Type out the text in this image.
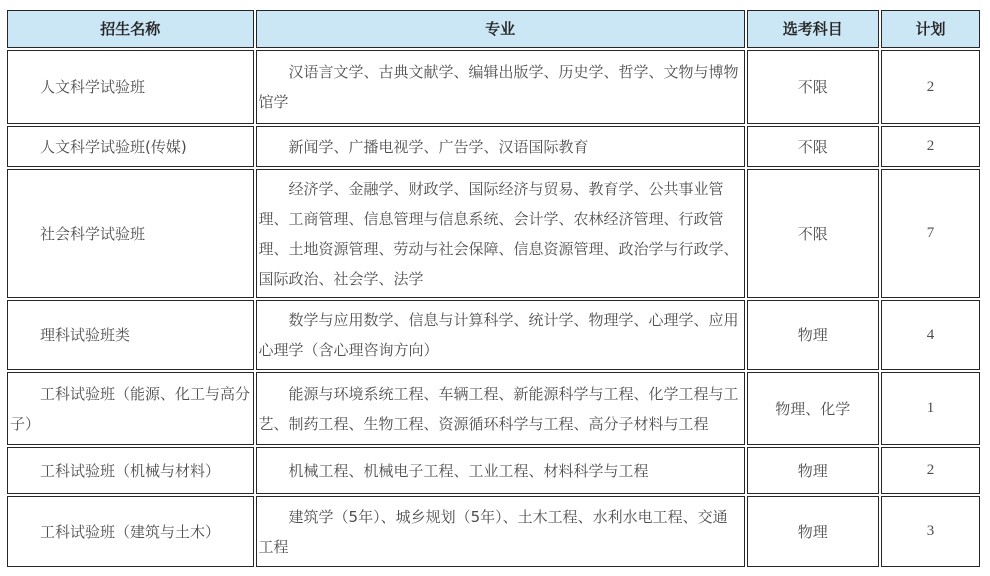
招生名称	专业	选考科目	计划

人文科学试验班	汉语言文学、古典文献学、编辑出版学、历史学、哲学、文物与博物馆学	不限	2

人文科学试验班(传媒)	新闻学、广播电视学、广告学、汉语国际教育	不限	2

社会科学试验班	经济学、金融学、财政学、国际经济与贸易、教育学、公共事业管理、工商管理、信息管理与信息系统、会计学、农林经济管理、行政管理、土地资源管理、劳动与社会保障、信息资源管理、政治学与行政学、国际政治、社会学、法学	不限	7

理科试验班类	数学与应用数学、信息与计算科学、统计学、物理学、心理学、应用心理学（含心理咨询方向）	物理	4

工科试验班（能源、化工与高分子）	能源与环境系统工程、车辆工程、新能源科学与工程、化学工程与工艺、制药工程、生物工程、资源循环科学与工程、高分子材料与工程	物理、化学	1

工科试验班（机械与材料）	机械工程、机械电子工程、工业工程、材料科学与工程	物理	2

工科试验班（建筑与土木）	建筑学（5年）、城乡规划（5年）、土木工程、水利水电工程、交通工程	物理	3
